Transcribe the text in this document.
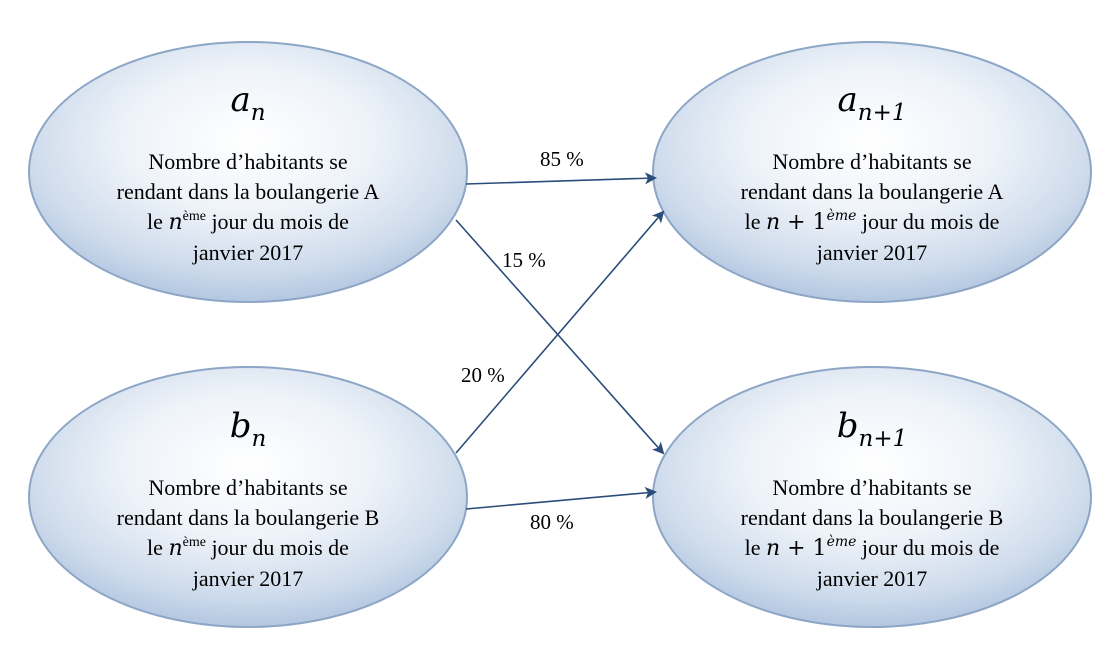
$a_n$
Nombre d’habitants se
rendant dans la boulangerie A
le $n^{ème}$ jour du mois de
janvier 2017
$a_{n+1}$
Nombre d’habitants se
rendant dans la boulangerie A
le n + 1ème jour du mois de
janvier 2017
$b_n$
Nombre d’habitants se
rendant dans la boulangerie B
le $n^{ème}$ jour du mois de
janvier 2017
$b_{n+1}$
Nombre d’habitants se
rendant dans la boulangerie B
le n + 1ème jour du mois de
janvier 2017
85 %
15 %
20 %
80 %
